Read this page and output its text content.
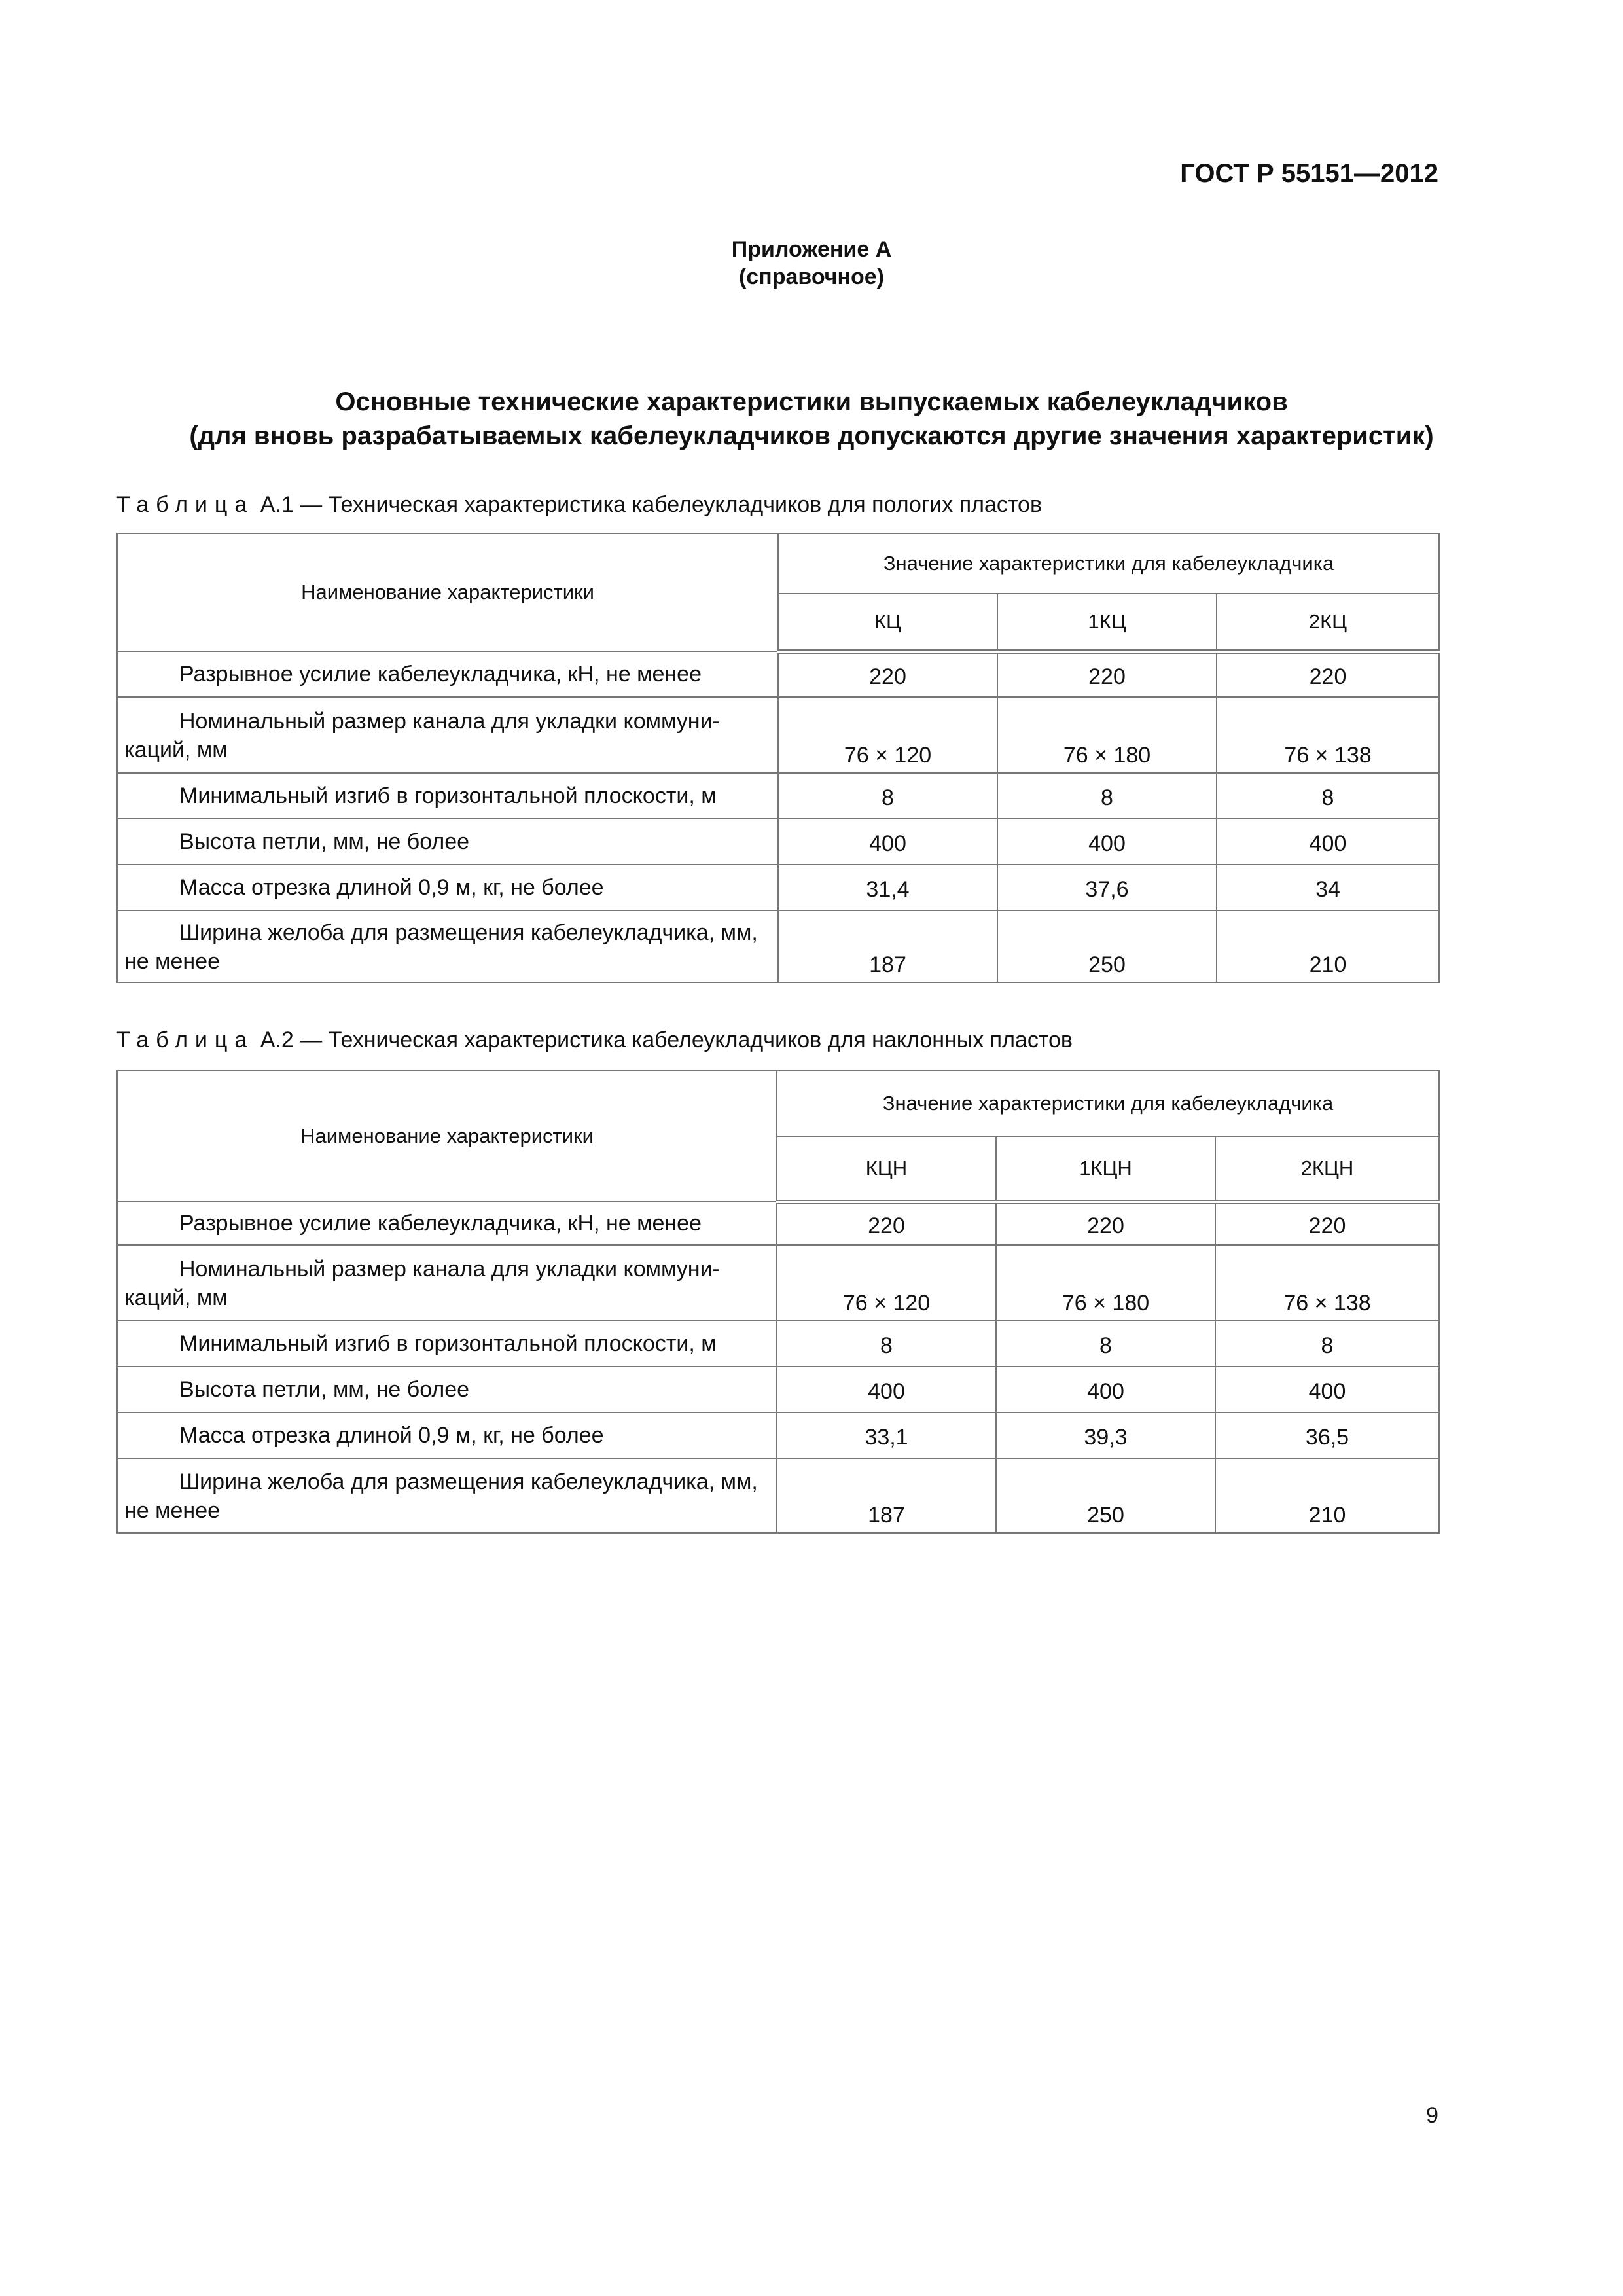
ГОСТ Р 55151—2012
Приложение А
(справочное)
Основные технические характеристики выпускаемых кабелеукладчиков
(для вновь разрабатываемых кабелеукладчиков допускаются другие значения характеристик)
Таблица А.1 — Техническая характеристика кабелеукладчиков для пологих пластов
Наименование характеристики	Значение характеристики для кабелеукладчика		
	КЦ	1КЦ	2КЦ
Разрывное усилие кабелеукладчика, кН, не менее	220	220	220
Номинальный размер канала для укладки коммуни-каций, мм	76 × 120	76 × 180	76 × 138
Минимальный изгиб в горизонтальной плоскости, м	8	8	8
Высота петли, мм, не более	400	400	400
Масса отрезка длиной 0,9 м, кг, не более	31,4	37,6	34
Ширина желоба для размещения кабелеукладчика, мм, не менее	187	250	210
Таблица А.2 — Техническая характеристика кабелеукладчиков для наклонных пластов
Наименование характеристики	Значение характеристики для кабелеукладчика		
	КЦН	1КЦН	2КЦН
Разрывное усилие кабелеукладчика, кН, не менее	220	220	220
Номинальный размер канала для укладки коммуни-каций, мм	76 × 120	76 × 180	76 × 138
Минимальный изгиб в горизонтальной плоскости, м	8	8	8
Высота петли, мм, не более	400	400	400
Масса отрезка длиной 0,9 м, кг, не более	33,1	39,3	36,5
Ширина желоба для размещения кабелеукладчика, мм, не менее	187	250	210
9
